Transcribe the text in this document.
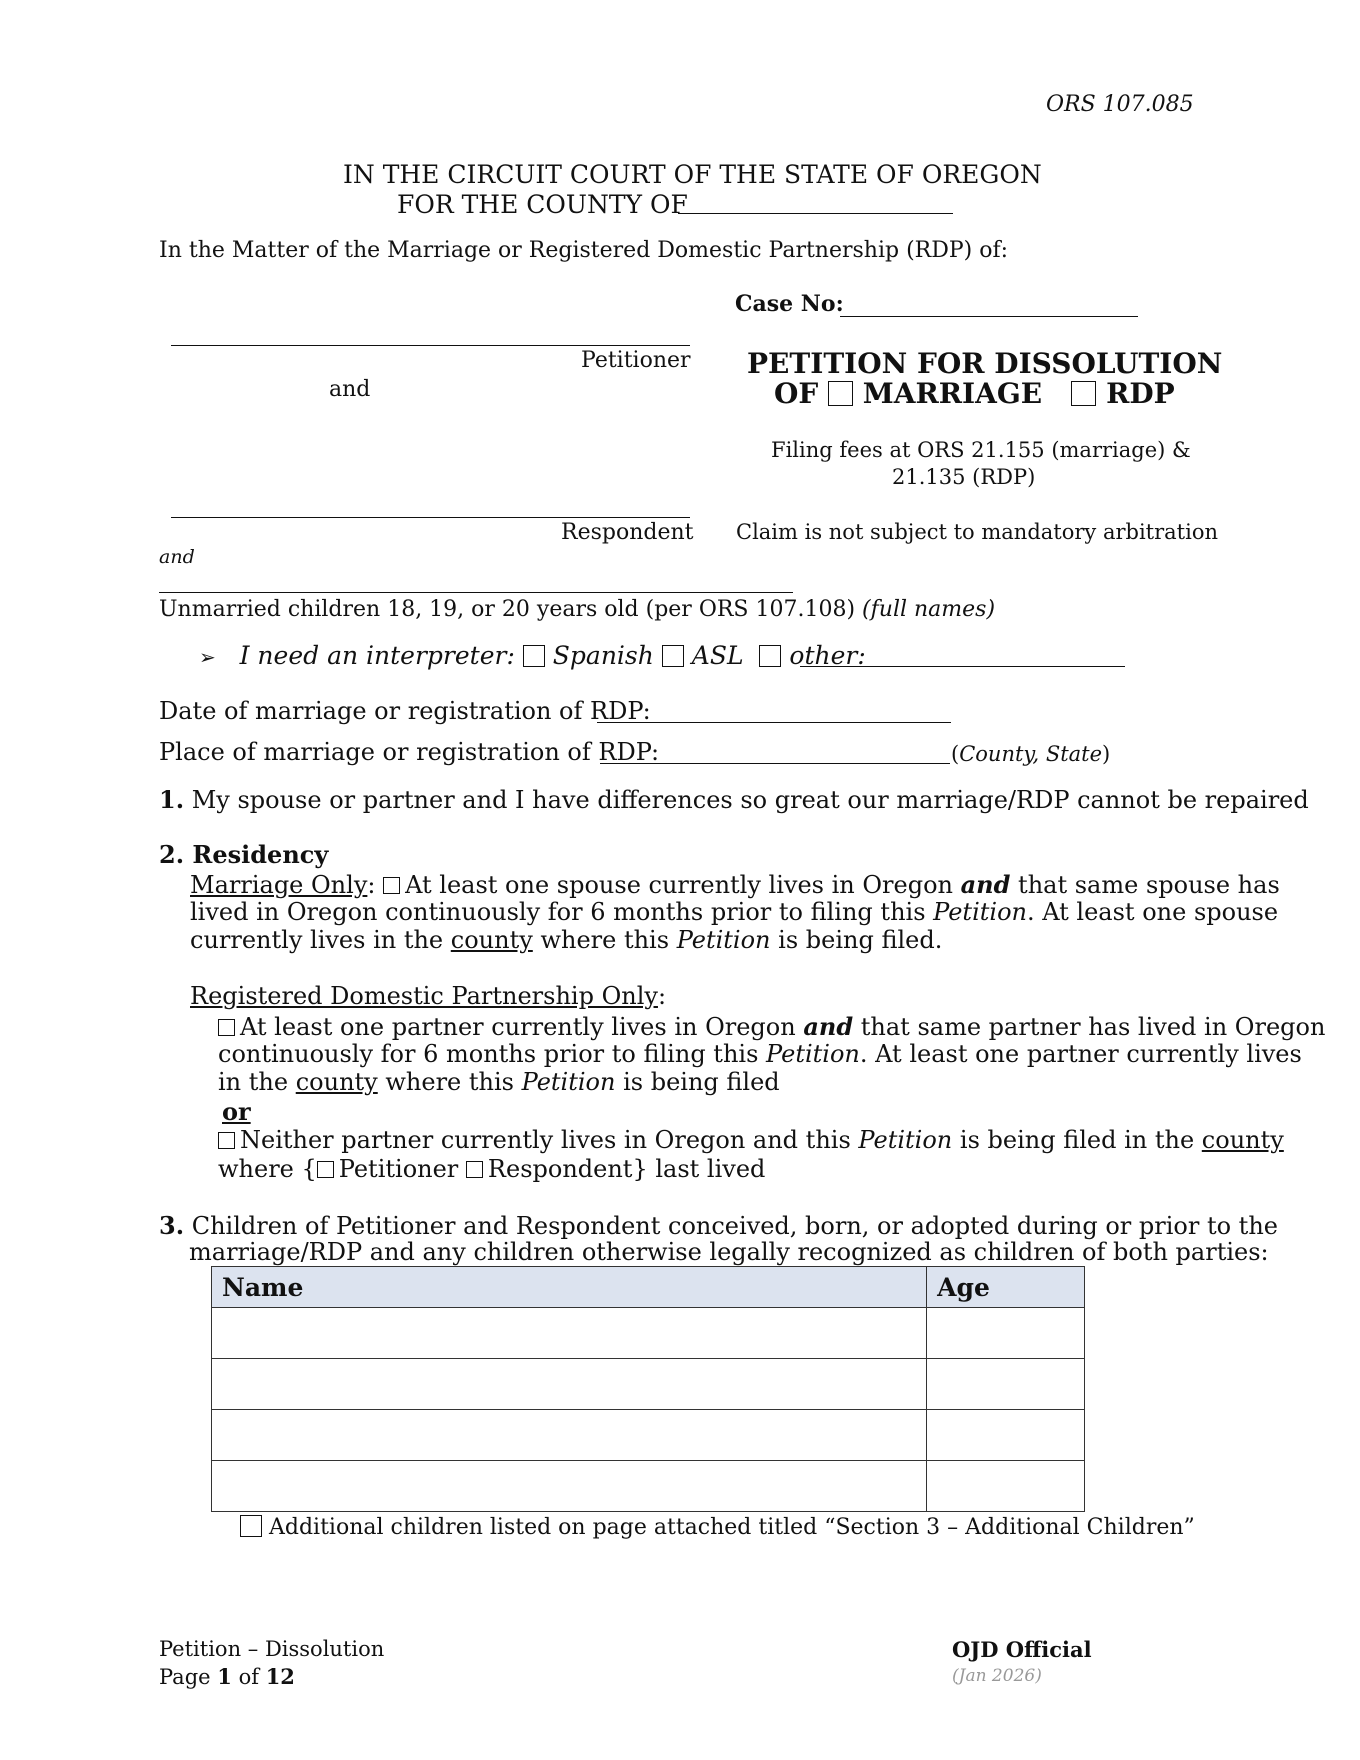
ORS 107.085
IN THE CIRCUIT COURT OF THE STATE OF OREGON
FOR THE COUNTY OF
In the Matter of the Marriage or Registered Domestic Partnership (RDP) of:
Case No:
Petitioner
and
Respondent
and
Unmarried children 18, 19, or 20 years old (per ORS 107.108) (full names)
PETITION FOR DISSOLUTION
OF MARRIAGE RDP
Filing fees at ORS 21.155 (marriage) &
21.135 (RDP)
Claim is not subject to mandatory arbitration
➢ I need an interpreter: Spanish ASL other:
Date of marriage or registration of RDP:
Place of marriage or registration of RDP:	(County, State)
1. My spouse or partner and I have differences so great our marriage/RDP cannot be repaired
2. Residency
Marriage Only: At least one spouse currently lives in Oregon and that same spouse has
lived in Oregon continuously for 6 months prior to filing this Petition. At least one spouse
currently lives in the county where this Petition is being filed.
Registered Domestic Partnership Only:
At least one partner currently lives in Oregon and that same partner has lived in Oregon
continuously for 6 months prior to filing this Petition. At least one partner currently lives
in the county where this Petition is being filed
or
Neither partner currently lives in Oregon and this Petition is being filed in the county
where { Petitioner Respondent} last lived
3. Children of Petitioner and Respondent conceived, born, or adopted during or prior to the
marriage/RDP and any children otherwise legally recognized as children of both parties:
Name	Age

Additional children listed on page attached titled “Section 3 – Additional Children”
Petition – Dissolution
Page 1 of 12
OJD Official
(Jan 2026)
